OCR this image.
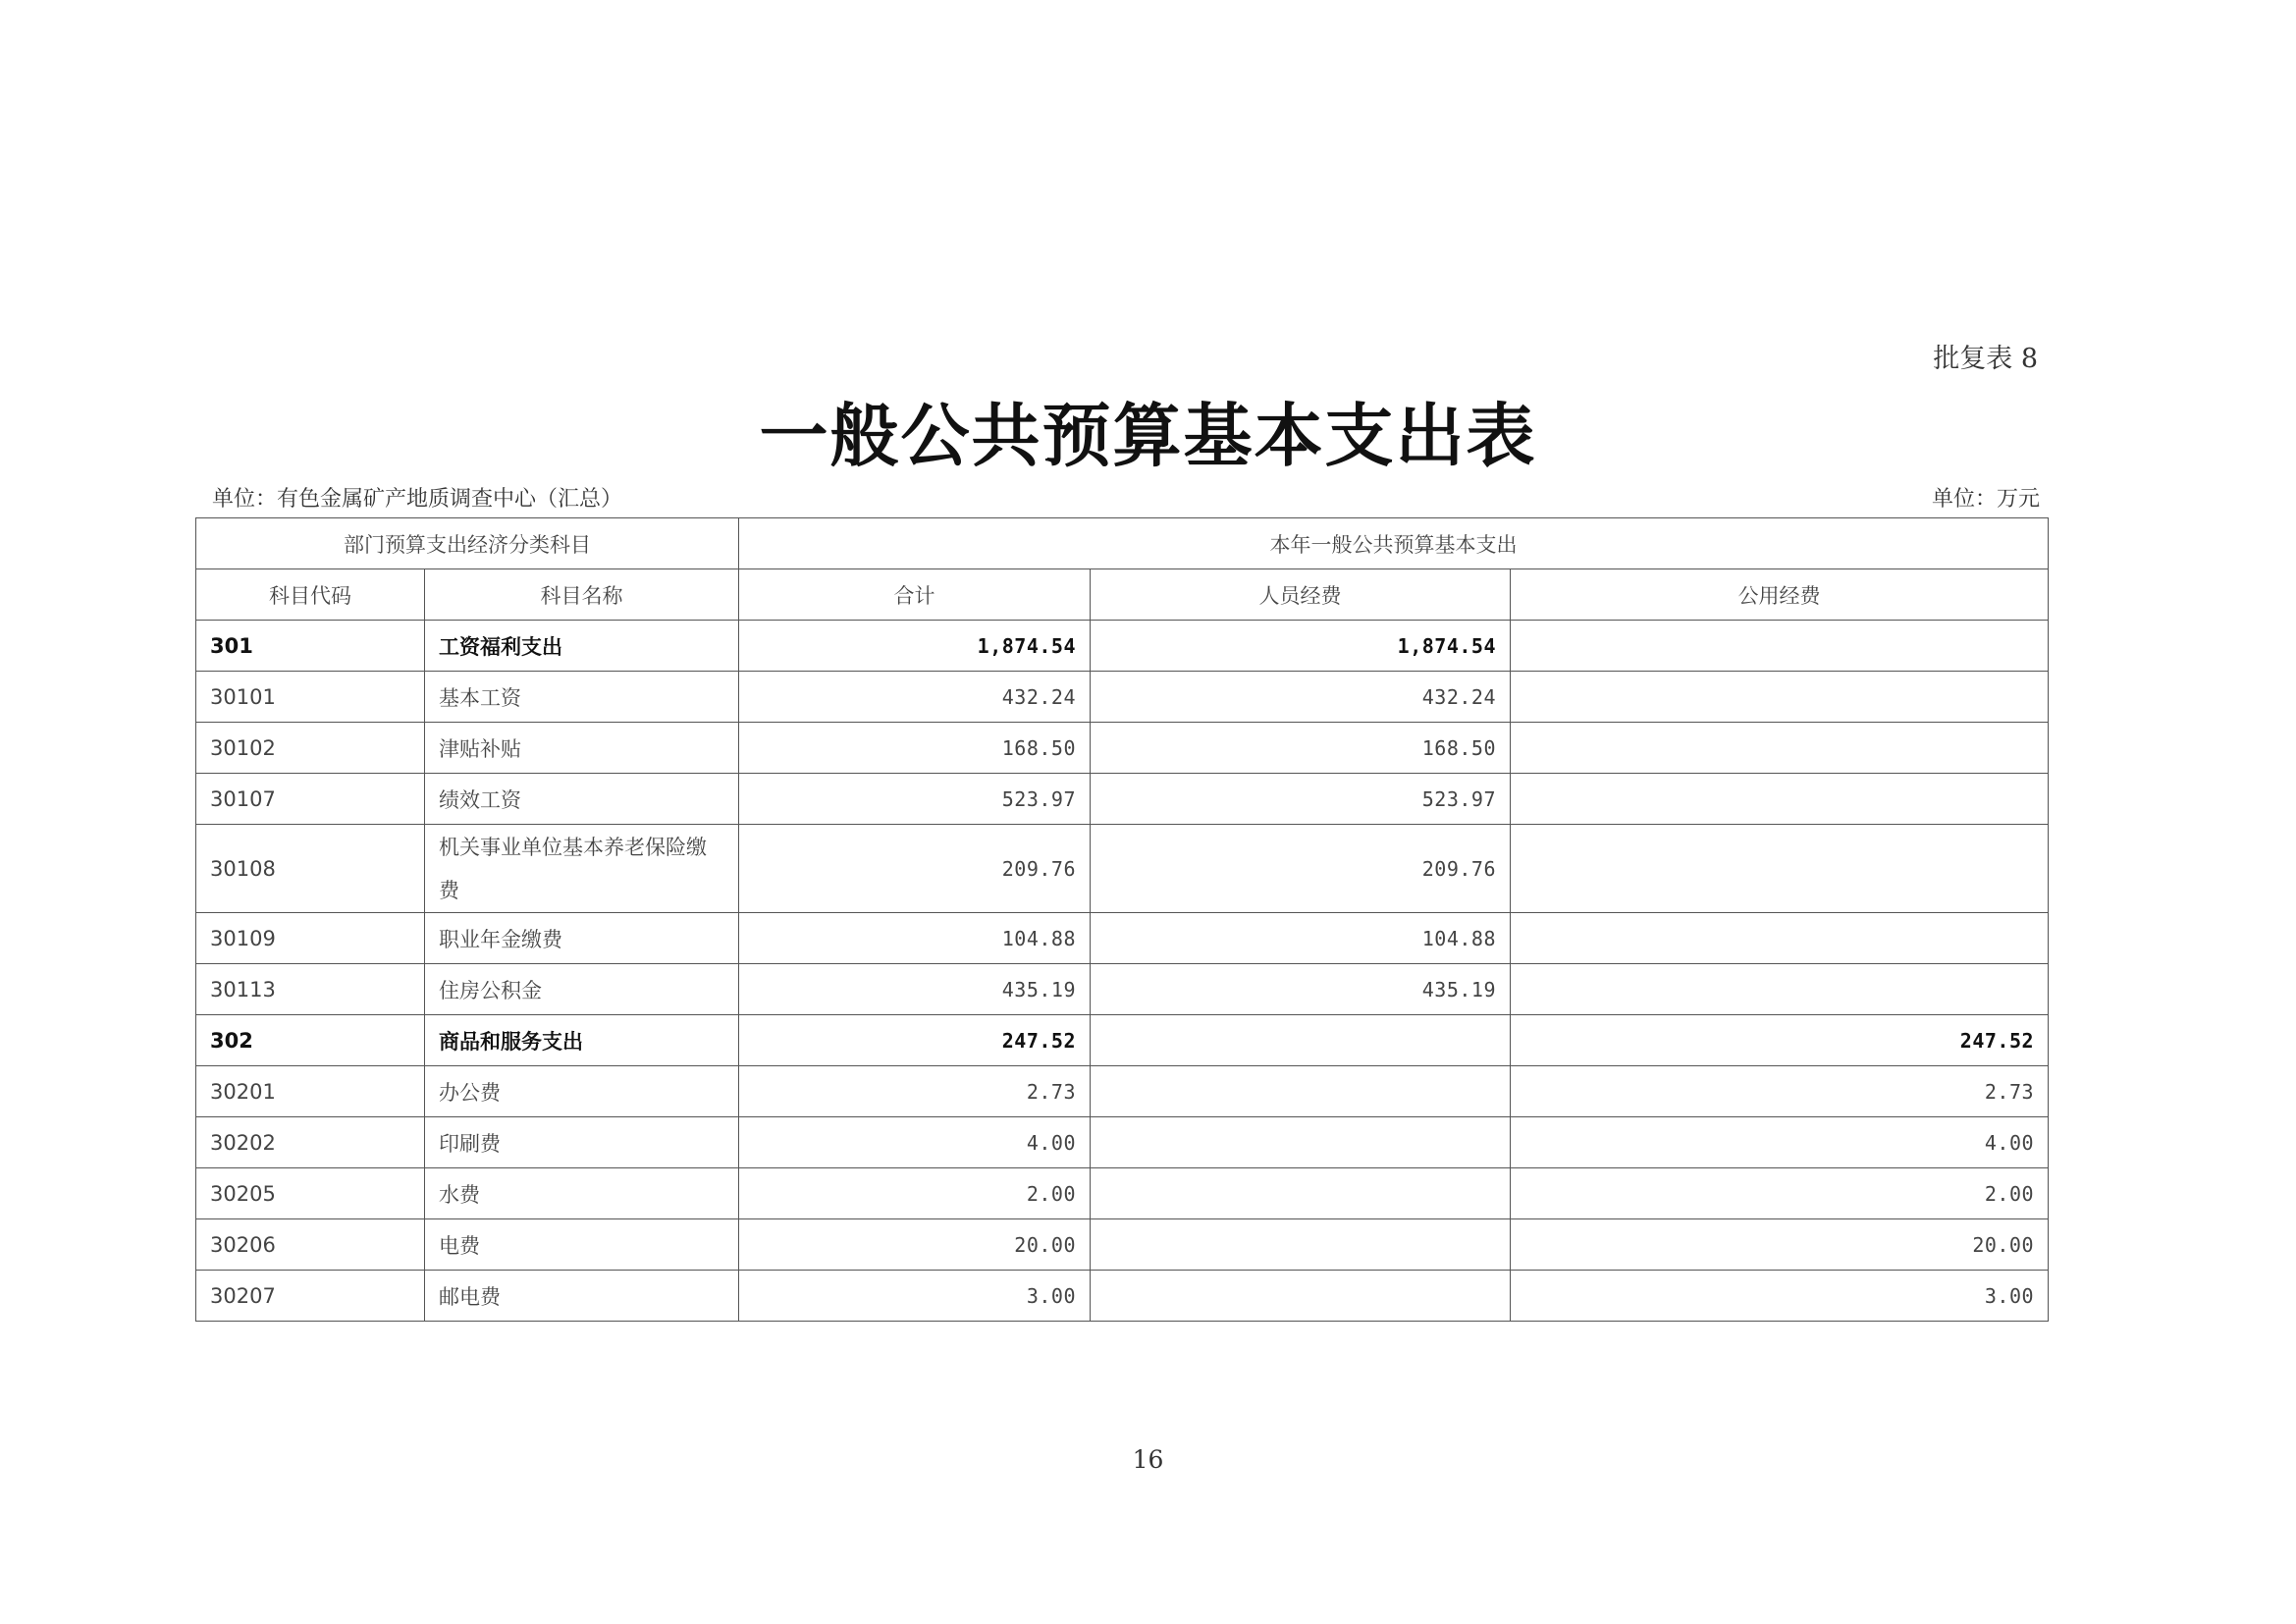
批复表 8
一般公共预算基本支出表
单位：有色金属矿产地质调查中心（汇总）	单位：万元
部门预算支出经济分类科目		本年一般公共预算基本支出		
科目代码	科目名称	合计	人员经费	公用经费
301	工资福利支出	1,874.54	1,874.54	
30101	基本工资	432.24	432.24	
30102	津贴补贴	168.50	168.50	
30107	绩效工资	523.97	523.97	
30108	机关事业单位基本养老保险缴费	209.76	209.76	
30109	职业年金缴费	104.88	104.88	
30113	住房公积金	435.19	435.19	
302	商品和服务支出	247.52		247.52
30201	办公费	2.73		2.73
30202	印刷费	4.00		4.00
30205	水费	2.00		2.00
30206	电费	20.00		20.00
30207	邮电费	3.00		3.00
16
